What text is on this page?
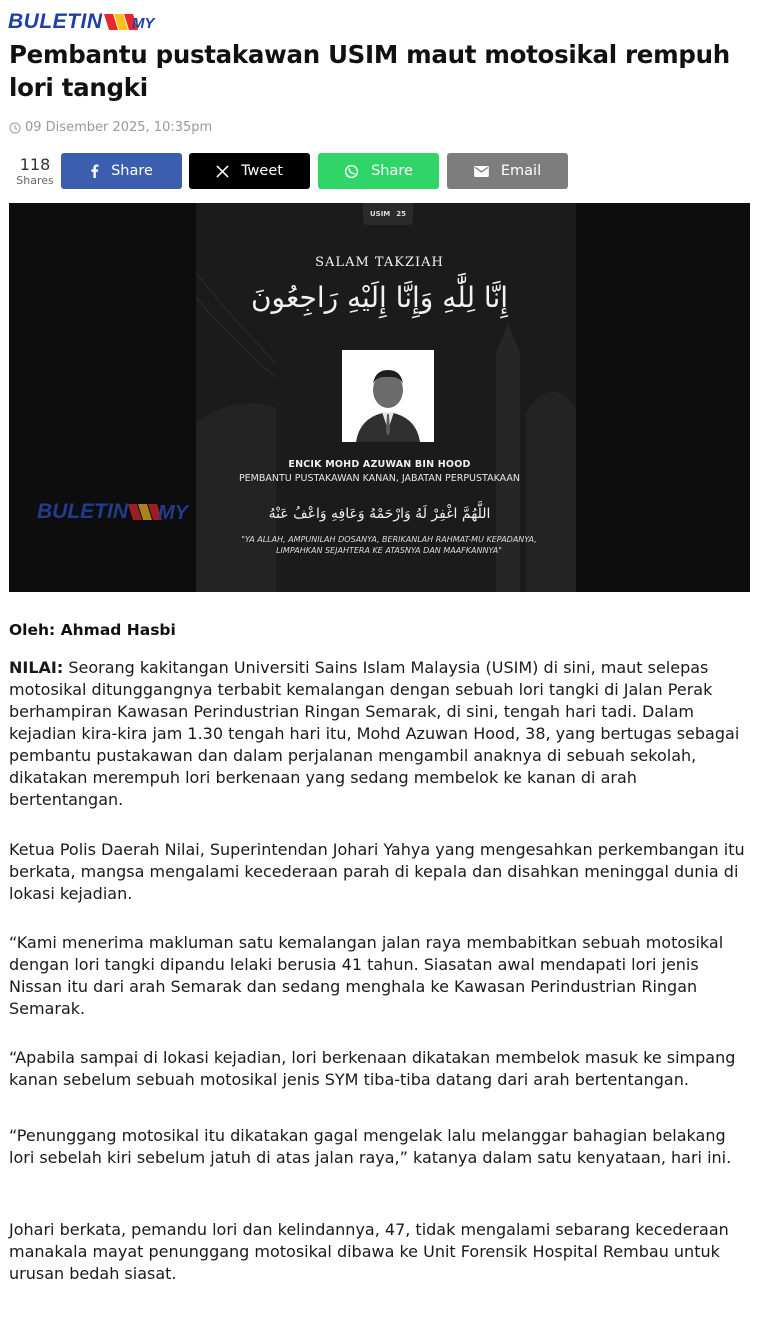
BULETIN MY
Pembantu pustakawan USIM maut motosikal rempuh lori tangki
09 Disember 2025, 10:35pm
118
Shares
Share	Tweet	Share	Email
USIM 25
SALAM TAKZIAH
إِنَّا لِلَّٰهِ وَإِنَّا إِلَيْهِ رَاجِعُونَ
ENCIK MOHD AZUWAN BIN HOOD
PEMBANTU PUSTAKAWAN KANAN, JABATAN PERPUSTAKAAN
اللَّهُمَّ اغْفِرْ لَهُ وَارْحَمْهُ وَعَافِهِ وَاعْفُ عَنْهُ
"YA ALLAH, AMPUNILAH DOSANYA, BERIKANLAH RAHMAT-MU KEPADANYA,
LIMPAHKAN SEJAHTERA KE ATASNYA DAN MAAFKANNYA"
BULETIN MY
Oleh: Ahmad Hasbi

NILAI: Seorang kakitangan Universiti Sains Islam Malaysia (USIM) di sini, maut selepas motosikal ditunggangnya terbabit kemalangan dengan sebuah lori tangki di Jalan Perak berhampiran Kawasan Perindustrian Ringan Semarak, di sini, tengah hari tadi. Dalam kejadian kira-kira jam 1.30 tengah hari itu, Mohd Azuwan Hood, 38, yang bertugas sebagai pembantu pustakawan dan dalam perjalanan mengambil anaknya di sebuah sekolah, dikatakan merempuh lori berkenaan yang sedang membelok ke kanan di arah bertentangan.

Ketua Polis Daerah Nilai, Superintendan Johari Yahya yang mengesahkan perkembangan itu berkata, mangsa mengalami kecederaan parah di kepala dan disahkan meninggal dunia di lokasi kejadian.

“Kami menerima makluman satu kemalangan jalan raya membabitkan sebuah motosikal dengan lori tangki dipandu lelaki berusia 41 tahun. Siasatan awal mendapati lori jenis Nissan itu dari arah Semarak dan sedang menghala ke Kawasan Perindustrian Ringan Semarak.

“Apabila sampai di lokasi kejadian, lori berkenaan dikatakan membelok masuk ke simpang kanan sebelum sebuah motosikal jenis SYM tiba-tiba datang dari arah bertentangan.

“Penunggang motosikal itu dikatakan gagal mengelak lalu melanggar bahagian belakang lori sebelah kiri sebelum jatuh di atas jalan raya,” katanya dalam satu kenyataan, hari ini.

Johari berkata, pemandu lori dan kelindannya, 47, tidak mengalami sebarang kecederaan manakala mayat penunggang motosikal dibawa ke Unit Forensik Hospital Rembau untuk urusan bedah siasat.
